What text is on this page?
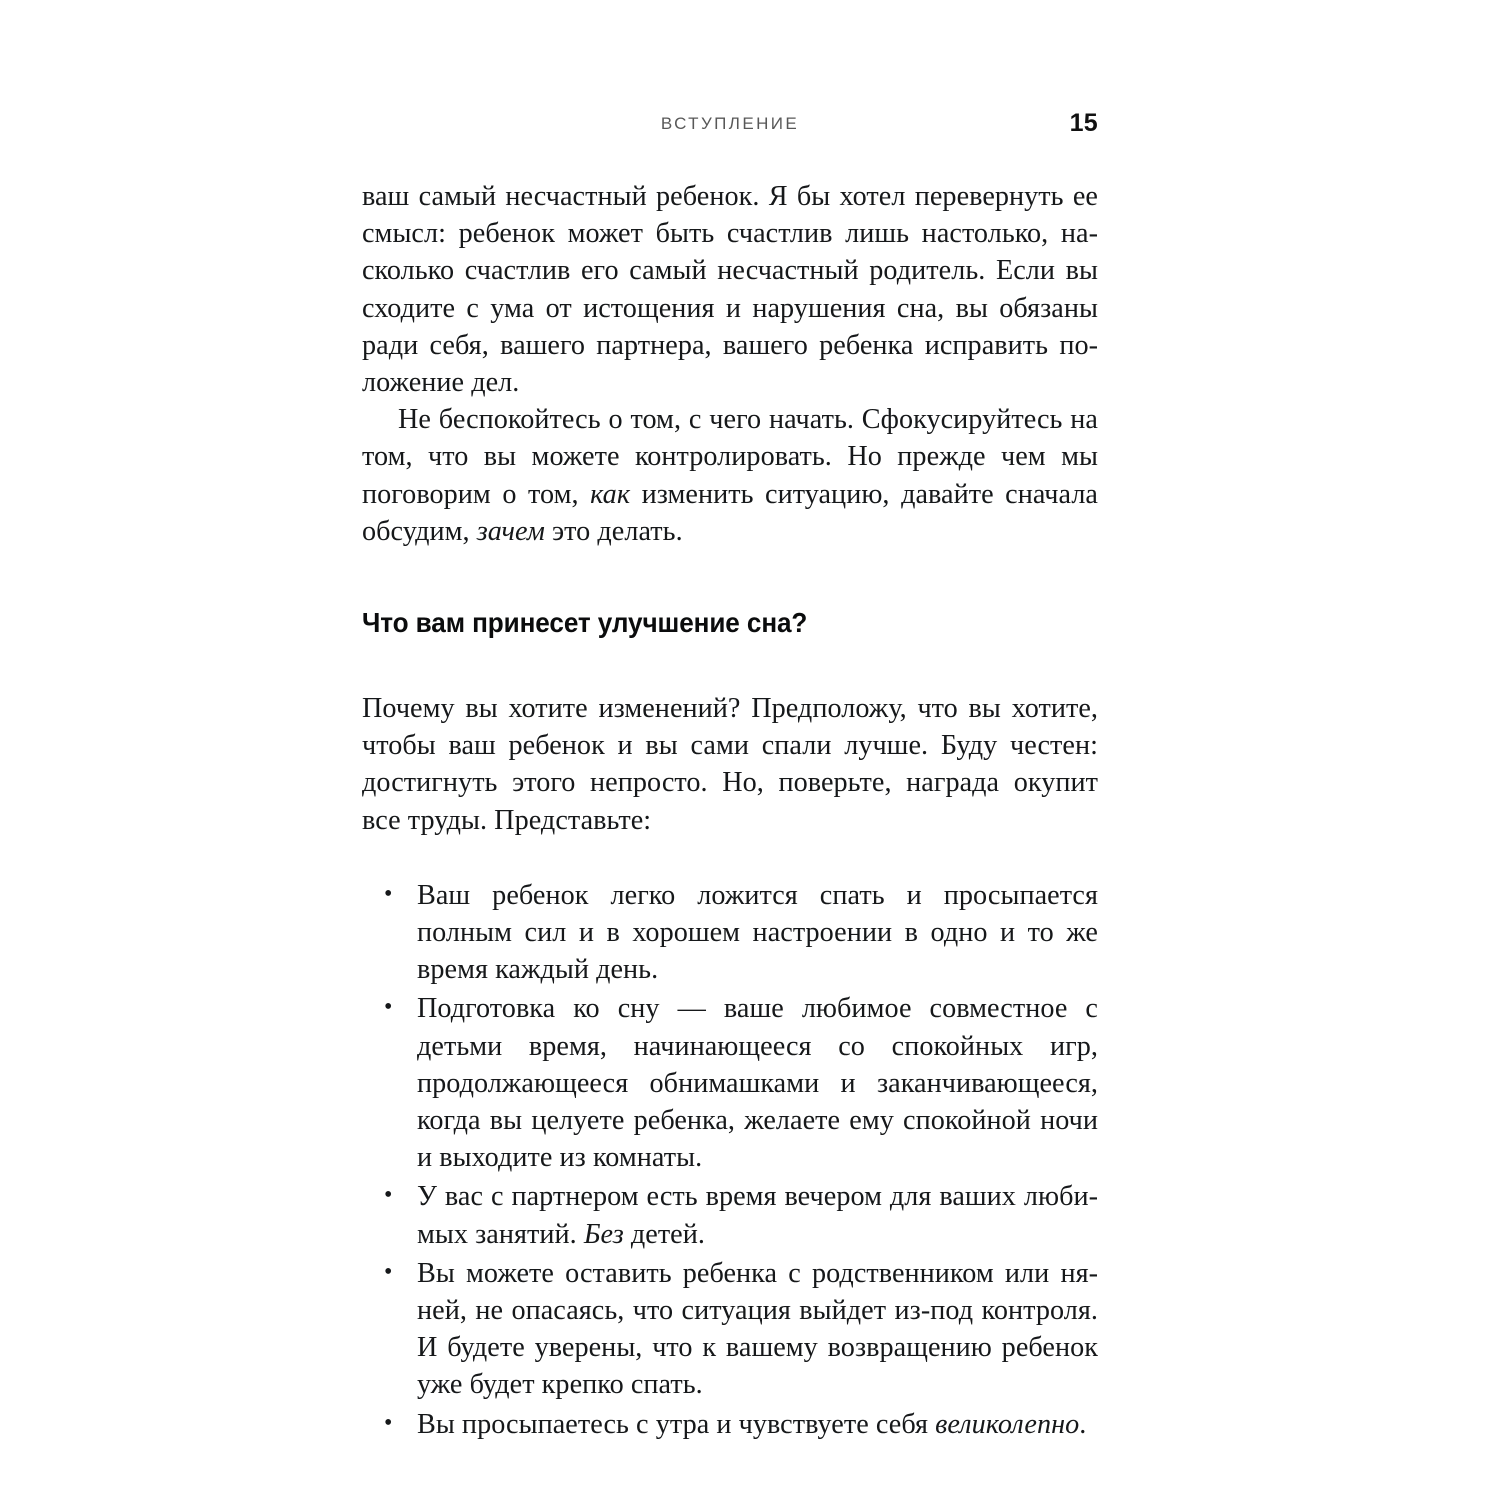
ВСТУПЛЕНИЕ	15

ваш самый несчастный ребенок. Я бы хотел перевернуть ее смысл: ребенок может быть счастлив лишь настолько, насколько счастлив его самый несчастный родитель. Если вы сходите с ума от истощения и нарушения сна, вы обязаны ради себя, вашего партнера, вашего ребенка исправить положение дел.

Не беспокойтесь о том, с чего начать. Сфокусируйтесь на том, что вы можете контролировать. Но прежде чем мы поговорим о том, как изменить ситуацию, давайте сначала обсудим, зачем это делать.

Что вам принесет улучшение сна?

Почему вы хотите изменений? Предположу, что вы хотите, чтобы ваш ребенок и вы сами спали лучше. Буду честен: достигнуть этого непросто. Но, поверьте, награда окупит все труды. Представьте:

• Ваш ребенок легко ложится спать и просыпается полным сил и в хорошем настроении в одно и то же время каждый день.
• Подготовка ко сну — ваше любимое совместное с детьми время, начинающееся со спокойных игр, продолжающееся обнимашками и заканчивающееся, когда вы целуете ребенка, желаете ему спокойной ночи и выходите из комнаты.
• У вас с партнером есть время вечером для ваших любимых занятий. Без детей.
• Вы можете оставить ребенка с родственником или няней, не опасаясь, что ситуация выйдет из-под контроля. И будете уверены, что к вашему возвращению ребенок уже будет крепко спать.
• Вы просыпаетесь с утра и чувствуете себя великолепно.
